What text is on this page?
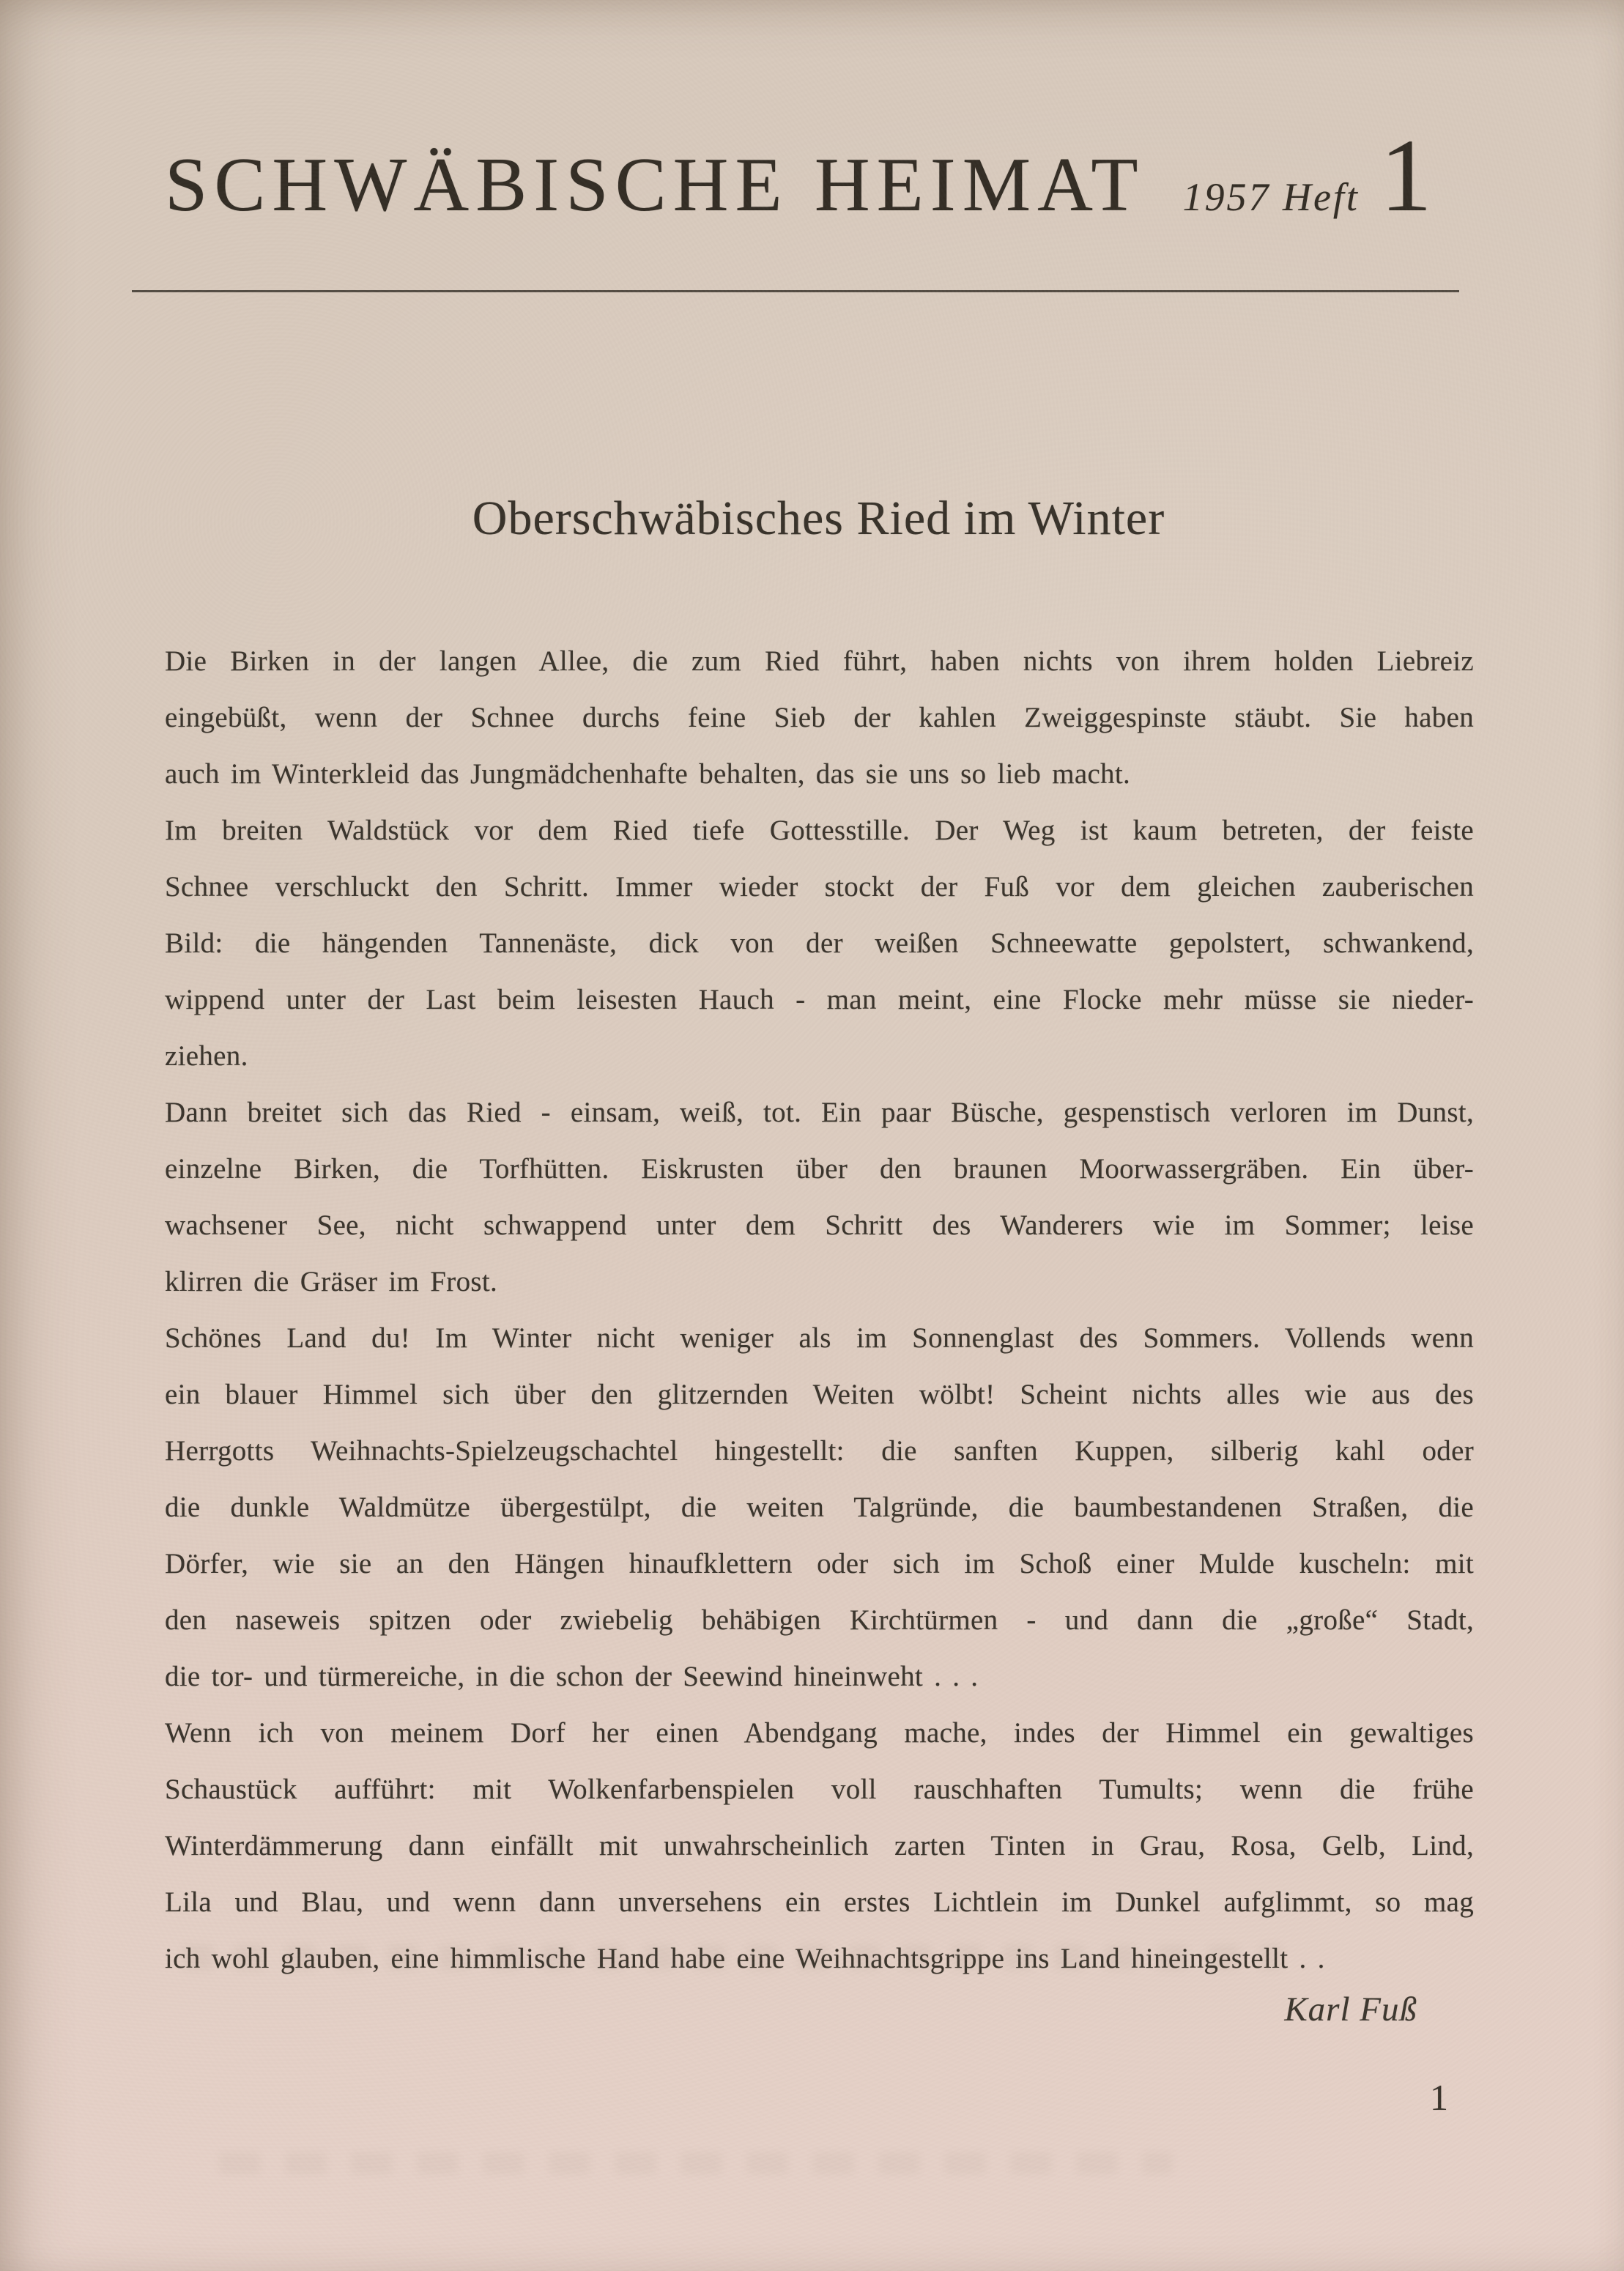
SCHWÄBISCHE HEIMAT 1957 Heft 1
Oberschwäbisches Ried im Winter
Die Birken in der langen Allee, die zum Ried führt, haben nichts von ihrem holden Liebreiz
eingebüßt, wenn der Schnee durchs feine Sieb der kahlen Zweiggespinste stäubt. Sie haben
auch im Winterkleid das Jungmädchenhafte behalten, das sie uns so lieb macht.
Im breiten Waldstück vor dem Ried tiefe Gottesstille. Der Weg ist kaum betreten, der feiste
Schnee verschluckt den Schritt. Immer wieder stockt der Fuß vor dem gleichen zauberischen
Bild: die hängenden Tannenäste, dick von der weißen Schneewatte gepolstert, schwankend,
wippend unter der Last beim leisesten Hauch - man meint, eine Flocke mehr müsse sie nieder-
ziehen.
Dann breitet sich das Ried - einsam, weiß, tot. Ein paar Büsche, gespenstisch verloren im Dunst,
einzelne Birken, die Torfhütten. Eiskrusten über den braunen Moorwassergräben. Ein über-
wachsener See, nicht schwappend unter dem Schritt des Wanderers wie im Sommer; leise
klirren die Gräser im Frost.
Schönes Land du! Im Winter nicht weniger als im Sonnenglast des Sommers. Vollends wenn
ein blauer Himmel sich über den glitzernden Weiten wölbt! Scheint nichts alles wie aus des
Herrgotts Weihnachts-Spielzeugschachtel hingestellt: die sanften Kuppen, silberig kahl oder
die dunkle Waldmütze übergestülpt, die weiten Talgründe, die baumbestandenen Straßen, die
Dörfer, wie sie an den Hängen hinaufklettern oder sich im Schoß einer Mulde kuscheln: mit
den naseweis spitzen oder zwiebelig behäbigen Kirchtürmen - und dann die „große“ Stadt,
die tor- und türmereiche, in die schon der Seewind hineinweht . . .
Wenn ich von meinem Dorf her einen Abendgang mache, indes der Himmel ein gewaltiges
Schaustück aufführt: mit Wolkenfarbenspielen voll rauschhaften Tumults; wenn die frühe
Winterdämmerung dann einfällt mit unwahrscheinlich zarten Tinten in Grau, Rosa, Gelb, Lind,
Lila und Blau, und wenn dann unversehens ein erstes Lichtlein im Dunkel aufglimmt, so mag
ich wohl glauben, eine himmlische Hand habe eine Weihnachtsgrippe ins Land hineingestellt . .
Karl Fuß
1
